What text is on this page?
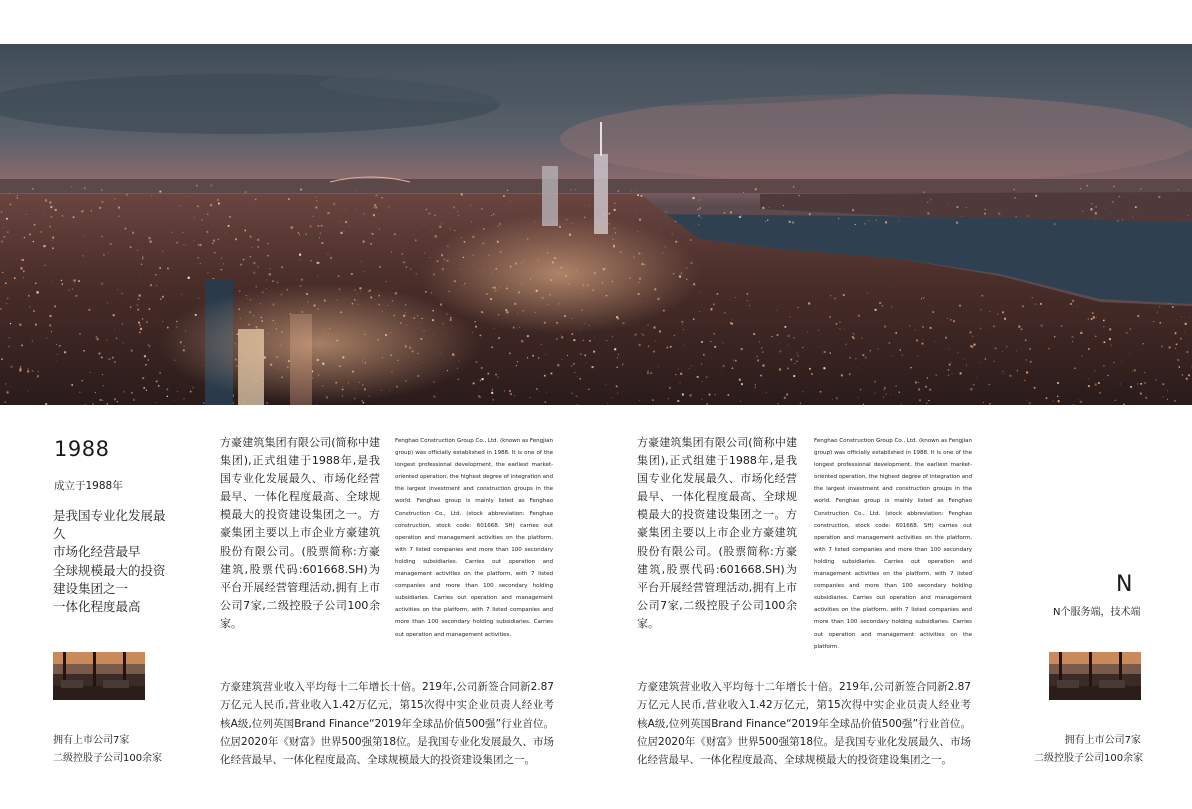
1988
成立于1988年
是我国专业化发展最
久
市场化经营最早
全球规模最大的投资
建设集团之一
一体化程度最高
拥有上市公司7家
二级控股子公司100余家
方豪建筑集团有限公司(简称中建集团),正式组建于1988年,是我国专业化发展最久、市场化经营最早、一体化程度最高、全球规模最大的投资建设集团之一。方豪集团主要以上市企业方豪建筑股份有限公司。(股票简称:方豪建筑,股票代码:601668.SH)为平台开展经营管理活动,拥有上市公司7家,二级控股子公司100余家。
Fenghao Construction Group Co., Ltd. (known as Fengjian group) was officially established in 1988. It is one of the longest professional development, the earliest market-oriented operation, the highest degree of integration and the largest investment and construction groups in the world. Fenghao group is mainly listed as Fenghao Construction Co., Ltd. (stock abbreviation: Fenghao construction, stock code: 601668. SH) carries out operation and management activities on the platform, with 7 listed companies and more than 100 secondary holding subsidiaries. Carries out operation and management activities on the platform, with 7 listed companies and more than 100 secondary holding subsidiaries. Carries out operation and management activities on the platform, with 7 listed companies and more than 100 secondary holding subsidiaries. Carries out operation and management activities.
方豪建筑营业收入平均每十二年增长十倍。219年,公司新签合同新2.87万亿元人民币,营业收入1.42万亿元，第15次得中实企业员责人经业考核A级,位列英国Brand Finance“2019年全球品价值500强”行业首位。位居2020年《财富》世界500强第18位。是我国专业化发展最久、市场化经营最早、一体化程度最高、全球规模最大的投资建设集团之一。
方豪建筑集团有限公司(简称中建集团),正式组建于1988年,是我国专业化发展最久、市场化经营最早、一体化程度最高、全球规模最大的投资建设集团之一。方豪集团主要以上市企业方豪建筑股份有限公司。(股票简称:方豪建筑,股票代码:601668.SH)为平台开展经营管理活动,拥有上市公司7家,二级控股子公司100余家。
Fenghao Construction Group Co., Ltd. (known as Fengjian group) was officially established in 1988. It is one of the longest professional development, the earliest market-oriented operation, the highest degree of integration and the largest investment and construction groups in the world. Fenghao group is mainly listed as Fenghao Construction Co., Ltd. (stock abbreviation: Fenghao construction, stock code: 601668. SH) carries out operation and management activities on the platform, with 7 listed companies and more than 100 secondary holding subsidiaries. Carries out operation and management activities on the platform, with 7 listed companies and more than 100 secondary holding subsidiaries. Carries out operation and management activities on the platform, with 7 listed companies and more than 100 secondary holding subsidiaries. Carries out operation and management activities on the platform.
方豪建筑营业收入平均每十二年增长十倍。219年,公司新签合同新2.87万亿元人民币,营业收入1.42万亿元，第15次得中实企业员责人经业考核A级,位列英国Brand Finance“2019年全球品价值500强”行业首位。位居2020年《财富》世界500强第18位。是我国专业化发展最久、市场化经营最早、一体化程度最高、全球规模最大的投资建设集团之一。
N
N个服务端，技术端
拥有上市公司7家
二级控股子公司100余家
